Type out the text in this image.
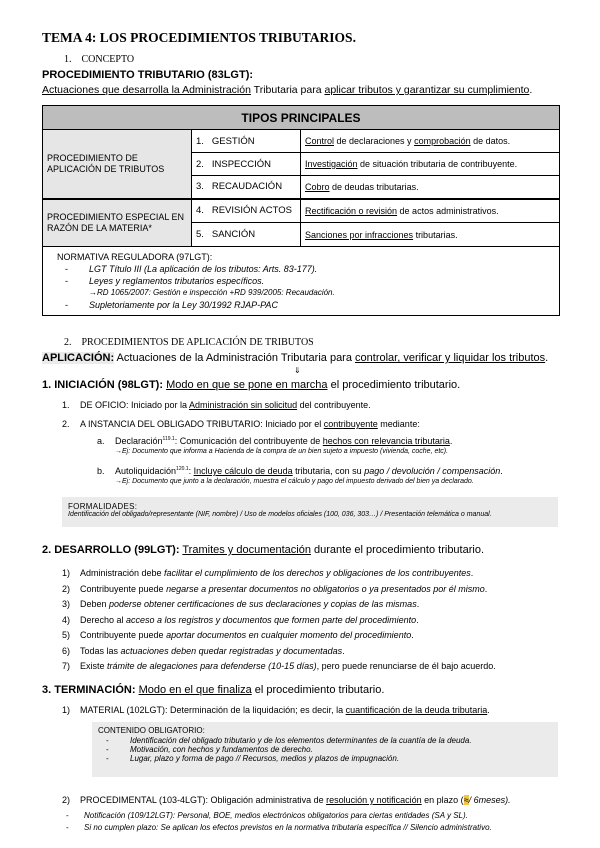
TEMA 4: LOS PROCEDIMIENTOS TRIBUTARIOS.
1. CONCEPTO
PROCEDIMIENTO TRIBUTARIO (83LGT):
Actuaciones que desarrolla la Administración Tributaria para aplicar tributos y garantizar su cumplimiento.
TIPOS PRINCIPALES		
PROCEDIMIENTO DE APLICACIÓN DE TRIBUTOS	1. GESTIÓN	Control de declaraciones y comprobación de datos.
	2. INSPECCIÓN	Investigación de situación tributaria de contribuyente.
	3. RECAUDACIÓN	Cobro de deudas tributarias.
PROCEDIMIENTO ESPECIAL EN RAZÓN DE LA MATERIA*	4. REVISIÓN ACTOS	Rectificación o revisión de actos administrativos.
	5. SANCIÓN	Sanciones por infracciones tributarias.
NORMATIVA REGULADORA (97LGT):
-	LGT Título III (La aplicación de los tributos: Arts. 83-177).
-	Leyes y reglamentos tributarios específicos.
→RD 1065/2007: Gestión e inspección +RD 939/2005: Recaudación.
-	Supletoriamente por la Ley 30/1992 RJAP-PAC
2. PROCEDIMIENTOS DE APLICACIÓN DE TRIBUTOS
APLICACIÓN: Actuaciones de la Administración Tributaria para controlar, verificar y liquidar los tributos.
⇓
1. INICIACIÓN (98LGT): Modo en que se pone en marcha el procedimiento tributario.
1. DE OFICIO: Iniciado por la Administración sin solicitud del contribuyente.
2. A INSTANCIA DEL OBLIGADO TRIBUTARIO: Iniciado por el contribuyente mediante:
a. Declaración$^{119.1}$: Comunicación del contribuyente de hechos con relevancia tributaria.
→Ej: Documento que informa a Hacienda de la compra de un bien sujeto a impuesto (vivienda, coche, etc).
b. Autoliquidación$^{120.1}$: Incluye cálculo de deuda tributaria, con su pago / devolución / compensación.
→Ej: Documento que junto a la declaración, muestra el cálculo y pago del impuesto derivado del bien ya declarado.
FORMALIDADES:
Identificación del obligado/representante (NIF, nombre) / Uso de modelos oficiales (100, 036, 303…) / Presentación telemática o manual.
2. DESARROLLO (99LGT): Tramites y documentación durante el procedimiento tributario.
1) Administración debe facilitar el cumplimiento de los derechos y obligaciones de los contribuyentes.
2) Contribuyente puede negarse a presentar documentos no obligatorios o ya presentados por él mismo.
3) Deben poderse obtener certificaciones de sus declaraciones y copias de las mismas.
4) Derecho al acceso a los registros y documentos que formen parte del procedimiento.
5) Contribuyente puede aportar documentos en cualquier momento del procedimiento.
6) Todas las actuaciones deben quedar registradas y documentadas.
7) Existe trámite de alegaciones para defenderse (10-15 días), pero puede renunciarse de él bajo acuerdo.
3. TERMINACIÓN: Modo en el que finaliza el procedimiento tributario.
1) MATERIAL (102LGT): Determinación de la liquidación; es decir, la cuantificación de la deuda tributaria.
CONTENIDO OBLIGATORIO:
-	Identificación del obligado tributario y de los elementos determinantes de la cuantía de la deuda.
-	Motivación, con hechos y fundamentos de derecho.
-	Lugar, plazo y forma de pago // Recursos, medios y plazos de impugnación.
2) PROCEDIMENTAL (103-4LGT): Obligación administrativa de resolución y notificación en plazo (≈/ 6meses).
-	Notificación (109/12LGT): Personal, BOE, medios electrónicos obligatorios para ciertas entidades (SA y SL).
-	Si no cumplen plazo: Se aplican los efectos previstos en la normativa tributaria específica // Silencio administrativo.
